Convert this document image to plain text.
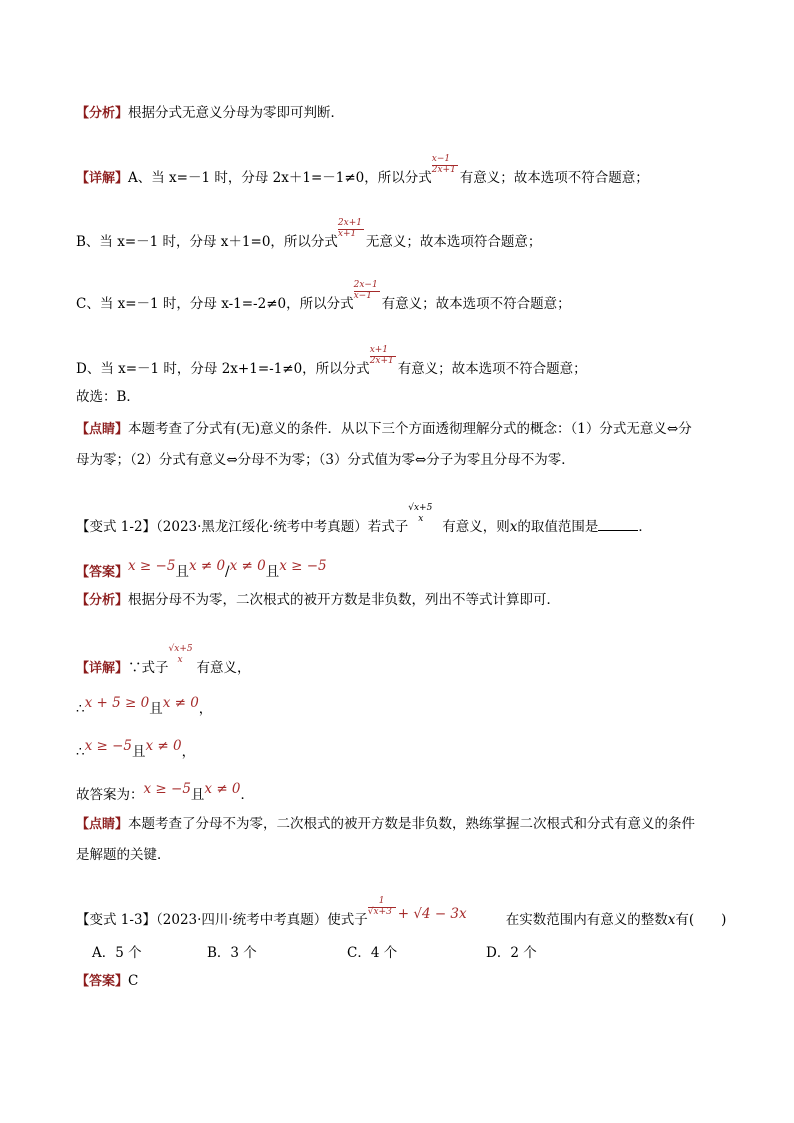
【分析】根据分式无意义分母为零即可判断．
【详解】A、当 x=－1 时，分母 2x＋1=－1≠0，所以分式 $\frac{x-1}{2x+1}$ 有意义；故本选项不符合题意；
B、当 x=－1 时，分母 x＋1=0，所以分式 $\frac{2x+1}{x+1}$ 无意义；故本选项符合题意；
C、当 x=－1 时，分母 x-1=-2≠0，所以分式 $\frac{2x-1}{x-1}$ 有意义；故本选项不符合题意；
D、当 x=－1 时，分母 2x+1=-1≠0，所以分式 $\frac{x+1}{2x+1}$ 有意义；故本选项不符合题意；
故选：B．
【点睛】本题考查了分式有(无)意义的条件．从以下三个方面透彻理解分式的概念：（1）分式无意义⇔分
母为零；（2）分式有意义⇔分母不为零；（3）分式值为零⇔分子为零且分母不为零．
【变式 1-2】（2023·黑龙江绥化·统考中考真题）若式子
√x+5
x 有意义，则x的取值范围是	．
【答案】x ≥ −5且x ≠ 0/x ≠ 0且x ≥ −5
【分析】根据分母不为零，二次根式的被开方数是非负数，列出不等式计算即可．
【详解】∵式子
√x+5
x 有意义，
∴x + 5 ≥ 0且x ≠ 0，
∴x ≥ −5且x ≠ 0，
故答案为：x ≥ −5且x ≠ 0．
【点睛】本题考查了分母不为零，二次根式的被开方数是非负数，熟练掌握二次根式和分式有意义的条件
是解题的关键．
【变式 1-3】（2023·四川·统考中考真题）使式子 $\frac{1}{√x+3} + √4 - 3x$	在实数范围内有意义的整数x有(　　)
A．5 个	B．3 个	C．4 个	D．2 个
【答案】C
